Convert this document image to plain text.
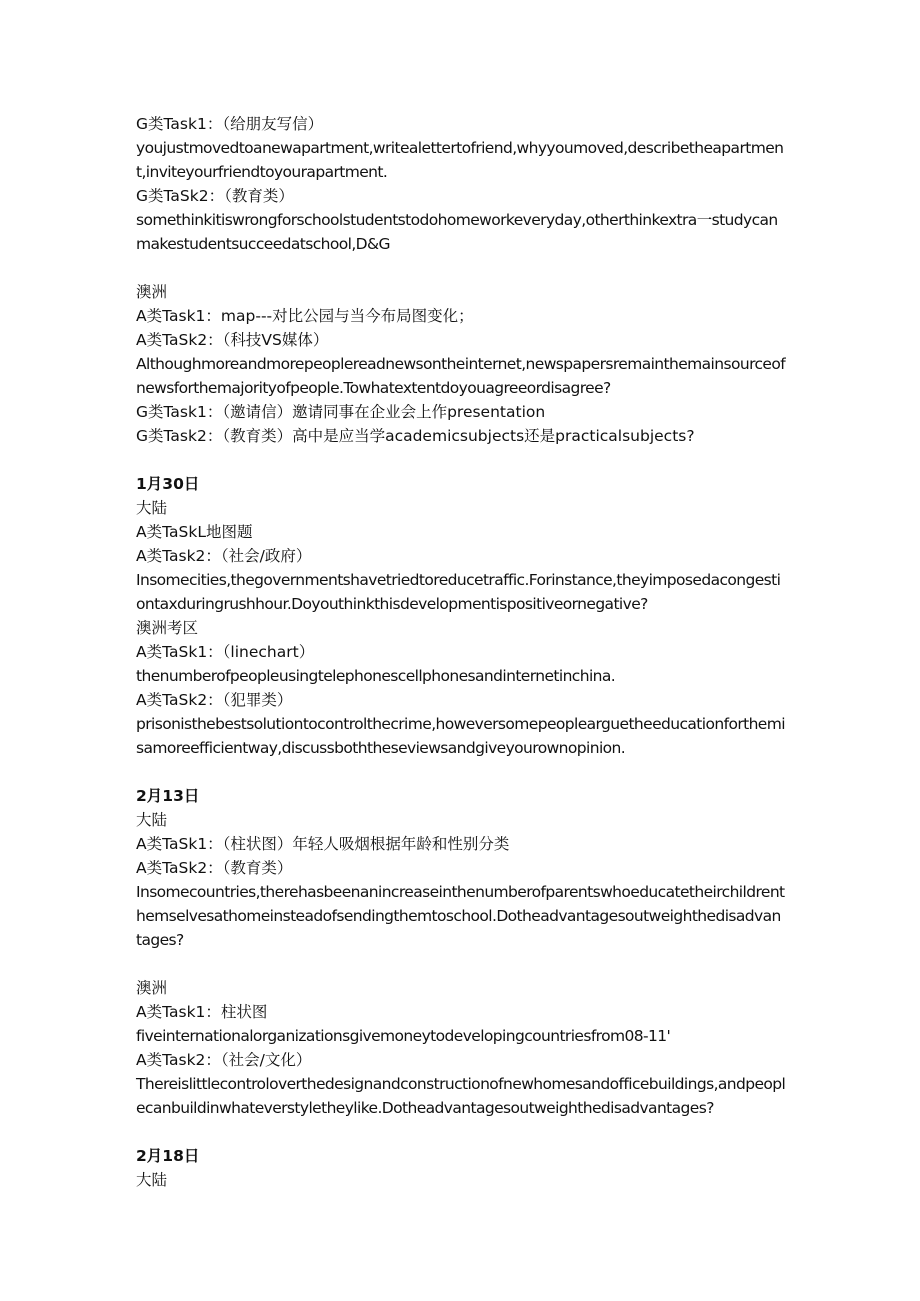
G类Task1：（给朋友写信）
youjustmovedtoanewapartment,writealettertofriend,whyyoumoved,describetheapartment,inviteyourfriendtoyourapartment.
G类TaSk2：（教育类）
somethinkitiswrongforschoolstudentstodohomeworkeveryday,otherthinkextra一studycanmakestudentsucceedatschool,D&G
澳洲
A类Task1：map---对比公园与当今布局图变化；
A类TaSk2：（科技VS媒体）
Althoughmoreandmorepeoplereadnewsontheinternet,newspapersremainthemainsourceofnewsforthemajorityofpeople.Towhatextentdoyouagreeordisagree?
G类Task1：（邀请信）邀请同事在企业会上作presentation
G类Task2：（教育类）高中是应当学academicsubjects还是practicalsubjects?
1月30日
大陆
A类TaSkL地图题
A类Task2：（社会/政府）
Insomecities,thegovernmentshavetriedtoreducetraffic.Forinstance,theyimposedacongestiontaxduringrushhour.Doyouthinkthisdevelopmentispositiveornegative?
澳洲考区
A类TaSk1：（linechart）
thenumberofpeopleusingtelephonescellphonesandinternetinchina.
A类TaSk2：（犯罪类）
prisonisthebestsolutiontocontrolthecrime,howeversomepeoplearguetheeducationforthemisamoreefficientway,discussboththeseviewsandgiveyourownopinion.
2月13日
大陆
A类TaSk1：（柱状图）年轻人吸烟根据年龄和性别分类
A类TaSk2：（教育类）
Insomecountries,therehasbeenanincreaseinthenumberofparentswhoeducatetheirchildrenthemselvesathomeinsteadofsendingthemtoschool.Dotheadvantagesoutweighthedisadvantages?
澳洲
A类Task1：柱状图
fiveinternationalorganizationsgivemoneytodevelopingcountriesfrom08-11'
A类Task2：（社会/文化）
Thereislittlecontroloverthedesignandconstructionofnewhomesandofficebuildings,andpeoplecanbuildinwhateverstyletheylike.Dotheadvantagesoutweighthedisadvantages?
2月18日
大陆
